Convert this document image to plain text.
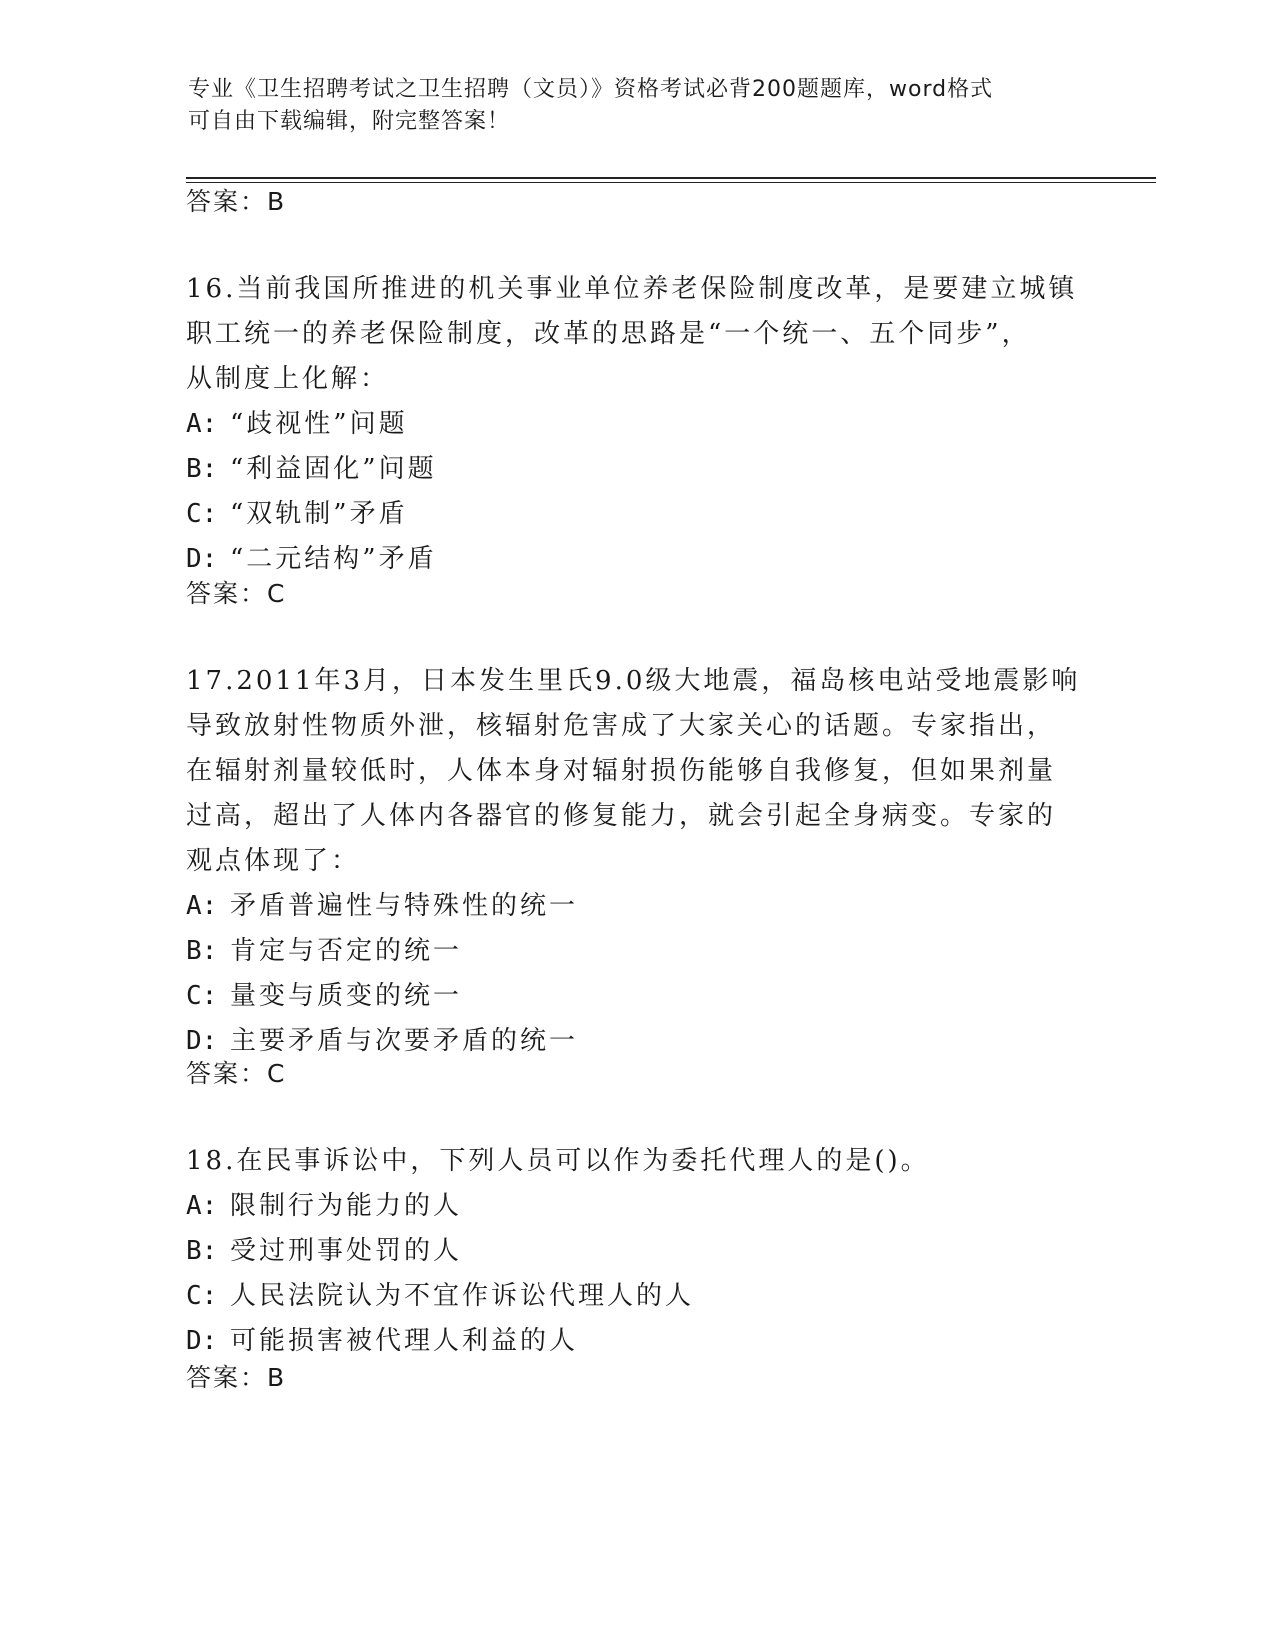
专业《卫生招聘考试之卫生招聘（文员）》资格考试必背200题题库，word格式
可自由下载编辑，附完整答案！
答案：B
16.当前我国所推进的机关事业单位养老保险制度改革，是要建立城镇
职工统一的养老保险制度，改革的思路是“一个统一、五个同步”，
从制度上化解：
A: “歧视性”问题
B: “利益固化”问题
C: “双轨制”矛盾
D: “二元结构”矛盾
答案：C
17.2011年3月，日本发生里氏9.0级大地震，福岛核电站受地震影响
导致放射性物质外泄，核辐射危害成了大家关心的话题。专家指出，
在辐射剂量较低时，人体本身对辐射损伤能够自我修复，但如果剂量
过高，超出了人体内各器官的修复能力，就会引起全身病变。专家的
观点体现了：
A: 矛盾普遍性与特殊性的统一
B: 肯定与否定的统一
C: 量变与质变的统一
D: 主要矛盾与次要矛盾的统一
答案：C
18.在民事诉讼中，下列人员可以作为委托代理人的是()。
A: 限制行为能力的人
B: 受过刑事处罚的人
C: 人民法院认为不宜作诉讼代理人的人
D: 可能损害被代理人利益的人
答案：B
